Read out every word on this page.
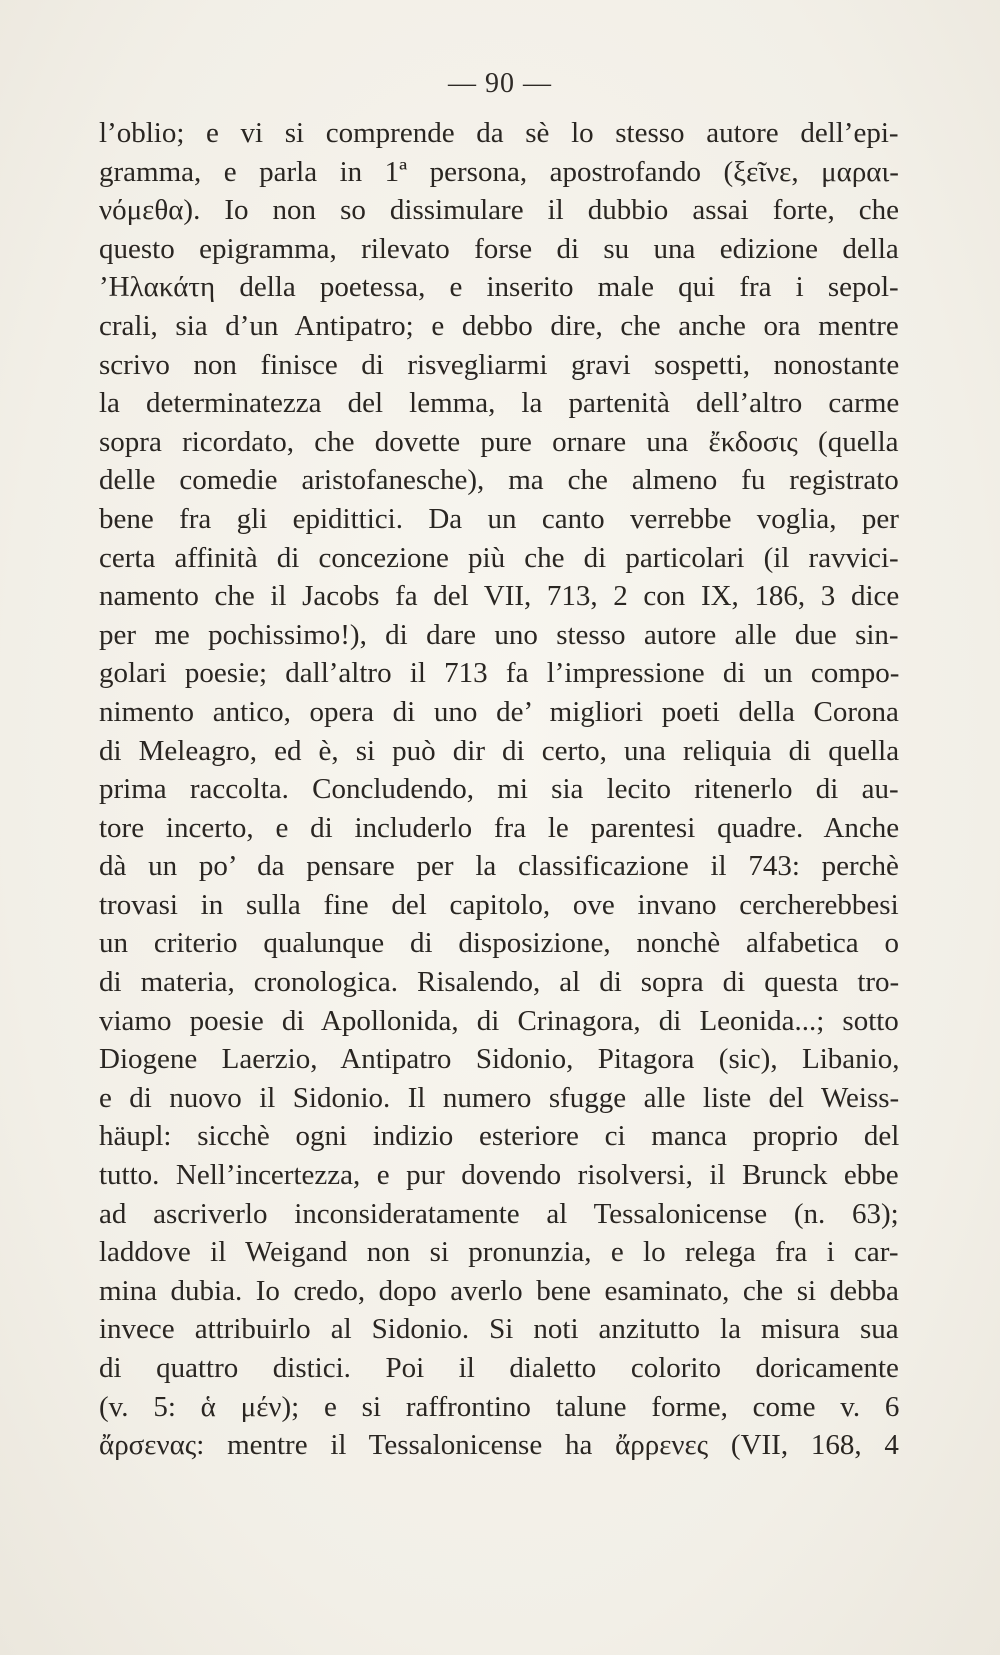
— 90 —
l’oblio; e vi si comprende da sè lo stesso autore dell’epi-
gramma, e parla in 1ª persona, apostrofando (ξεῖνε, μαραι-
νόμεθα). Io non so dissimulare il dubbio assai forte, che
questo epigramma, rilevato forse di su una edizione della
’Ηλακάτη della poetessa, e inserito male qui fra i sepol-
crali, sia d’un Antipatro; e debbo dire, che anche ora mentre
scrivo non finisce di risvegliarmi gravi sospetti, nonostante
la determinatezza del lemma, la partenità dell’altro carme
sopra ricordato, che dovette pure ornare una ἔκδοσις (quella
delle comedie aristofanesche), ma che almeno fu registrato
bene fra gli epidittici. Da un canto verrebbe voglia, per
certa affinità di concezione più che di particolari (il ravvici-
namento che il Jacobs fa del VII, 713, 2 con IX, 186, 3 dice
per me pochissimo!), di dare uno stesso autore alle due sin-
golari poesie; dall’altro il 713 fa l’impressione di un compo-
nimento antico, opera di uno de’ migliori poeti della Corona
di Meleagro, ed è, si può dir di certo, una reliquia di quella
prima raccolta. Concludendo, mi sia lecito ritenerlo di au-
tore incerto, e di includerlo fra le parentesi quadre. Anche
dà un po’ da pensare per la classificazione il 743: perchè
trovasi in sulla fine del capitolo, ove invano cercherebbesi
un criterio qualunque di disposizione, nonchè alfabetica o
di materia, cronologica. Risalendo, al di sopra di questa tro-
viamo poesie di Apollonida, di Crinagora, di Leonida...; sotto
Diogene Laerzio, Antipatro Sidonio, Pitagora (sic), Libanio,
e di nuovo il Sidonio. Il numero sfugge alle liste del Weiss-
häupl: sicchè ogni indizio esteriore ci manca proprio del
tutto. Nell’incertezza, e pur dovendo risolversi, il Brunck ebbe
ad ascriverlo inconsideratamente al Tessalonicense (n. 63);
laddove il Weigand non si pronunzia, e lo relega fra i car-
mina dubia. Io credo, dopo averlo bene esaminato, che si debba
invece attribuirlo al Sidonio. Si noti anzitutto la misura sua
di quattro distici. Poi il dialetto colorito doricamente
(v. 5: ἁ μέν); e si raffrontino talune forme, come v. 6
ἄρσενας: mentre il Tessalonicense ha ἄρρενες (VII, 168, 4
